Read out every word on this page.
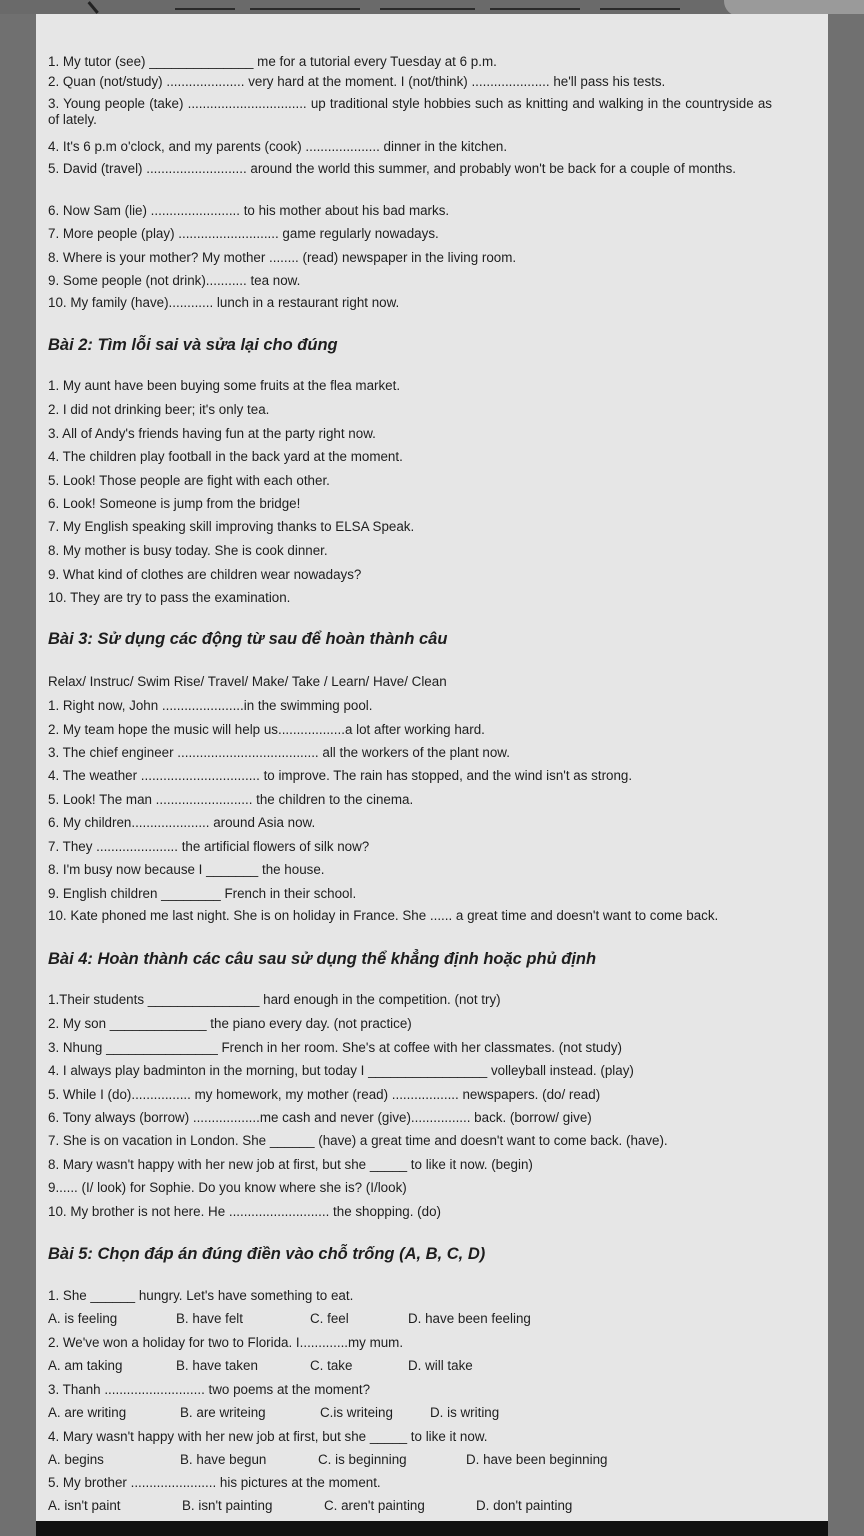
1. My tutor (see) ______________ me for a tutorial every Tuesday at 6 p.m.
2. Quan (not/study) ..................... very hard at the moment. I (not/think) ..................... he'll pass his tests.
3. Young people (take) ................................ up traditional style hobbies such as knitting and walking in the countryside as of lately.
4. It's 6 p.m o'clock, and my parents (cook) .................... dinner in the kitchen.
5. David (travel) ........................... around the world this summer, and probably won't be back for a couple of months.
6. Now Sam (lie) ........................ to his mother about his bad marks.
7. More people (play) ........................... game regularly nowadays.
8. Where is your mother? My mother ........ (read) newspaper in the living room.
9. Some people (not drink)........... tea now.
10. My family (have)............ lunch in a restaurant right now.
Bài 2: Tìm lỗi sai và sửa lại cho đúng
1. My aunt have been buying some fruits at the flea market.
2. I did not drinking beer; it's only tea.
3. All of Andy's friends having fun at the party right now.
4. The children play football in the back yard at the moment.
5. Look! Those people are fight with each other.
6. Look! Someone is jump from the bridge!
7. My English speaking skill improving thanks to ELSA Speak.
8. My mother is busy today. She is cook dinner.
9. What kind of clothes are children wear nowadays?
10. They are try to pass the examination.
Bài 3: Sử dụng các động từ sau để hoàn thành câu
Relax/ Instruc/ Swim Rise/ Travel/ Make/ Take / Learn/ Have/ Clean
1. Right now, John ......................in the swimming pool.
2. My team hope the music will help us..................a lot after working hard.
3. The chief engineer ...................................... all the workers of the plant now.
4. The weather ................................ to improve. The rain has stopped, and the wind isn't as strong.
5. Look! The man .......................... the children to the cinema.
6. My children..................... around Asia now.
7. They ...................... the artificial flowers of silk now?
8. I'm busy now because I _______ the house.
9. English children ________ French in their school.
10. Kate phoned me last night. She is on holiday in France. She ...... a great time and doesn't want to come back.
Bài 4: Hoàn thành các câu sau sử dụng thể khẳng định hoặc phủ định
1.Their students _______________ hard enough in the competition. (not try)
2. My son _____________ the piano every day. (not practice)
3. Nhung _______________ French in her room. She's at coffee with her classmates. (not study)
4. I always play badminton in the morning, but today I ________________ volleyball instead. (play)
5. While I (do)................ my homework, my mother (read) .................. newspapers. (do/ read)
6. Tony always (borrow) ..................me cash and never (give)................ back. (borrow/ give)
7. She is on vacation in London. She ______ (have) a great time and doesn't want to come back. (have).
8. Mary wasn't happy with her new job at first, but she _____ to like it now. (begin)
9...... (I/ look) for Sophie. Do you know where she is? (I/look)
10. My brother is not here. He ........................... the shopping. (do)
Bài 5: Chọn đáp án đúng điền vào chỗ trống (A, B, C, D)
1. She ______ hungry. Let's have something to eat.
A. is feeling	B. have felt	C. feel	D. have been feeling
2. We've won a holiday for two to Florida. I.............my mum.
A. am taking	B. have taken	C. take	D. will take
3. Thanh ........................... two poems at the moment?
A. are writing	B. are writeing	C.is writeing	D. is writing
4. Mary wasn't happy with her new job at first, but she _____ to like it now.
A. begins	B. have begun	C. is beginning	D. have been beginning
5. My brother ....................... his pictures at the moment.
A. isn't paint	B. isn't painting	C. aren't painting	D. don't painting
